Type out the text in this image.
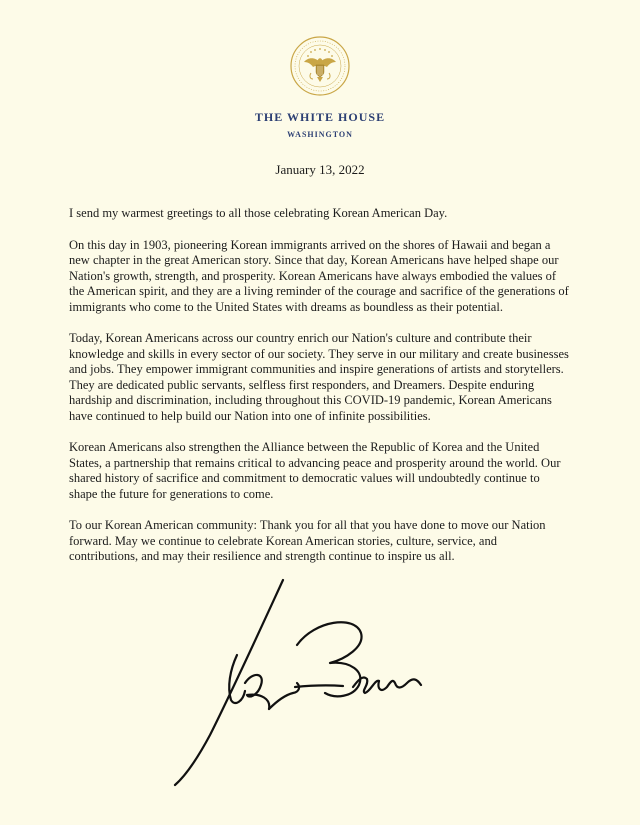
THE WHITE HOUSE
WASHINGTON
January 13, 2022

I send my warmest greetings to all those celebrating Korean American Day.

On this day in 1903, pioneering Korean immigrants arrived on the shores of Hawaii and began a new chapter in the great American story. Since that day, Korean Americans have helped shape our Nation's growth, strength, and prosperity. Korean Americans have always embodied the values of the American spirit, and they are a living reminder of the courage and sacrifice of the generations of immigrants who come to the United States with dreams as boundless as their potential.

Today, Korean Americans across our country enrich our Nation's culture and contribute their knowledge and skills in every sector of our society. They serve in our military and create businesses and jobs. They empower immigrant communities and inspire generations of artists and storytellers. They are dedicated public servants, selfless first responders, and Dreamers. Despite enduring hardship and discrimination, including throughout this COVID-19 pandemic, Korean Americans have continued to help build our Nation into one of infinite possibilities.

Korean Americans also strengthen the Alliance between the Republic of Korea and the United States, a partnership that remains critical to advancing peace and prosperity around the world. Our shared history of sacrifice and commitment to democratic values will undoubtedly continue to shape the future for generations to come.

To our Korean American community: Thank you for all that you have done to move our Nation forward. May we continue to celebrate Korean American stories, culture, service, and contributions, and may their resilience and strength continue to inspire us all.
